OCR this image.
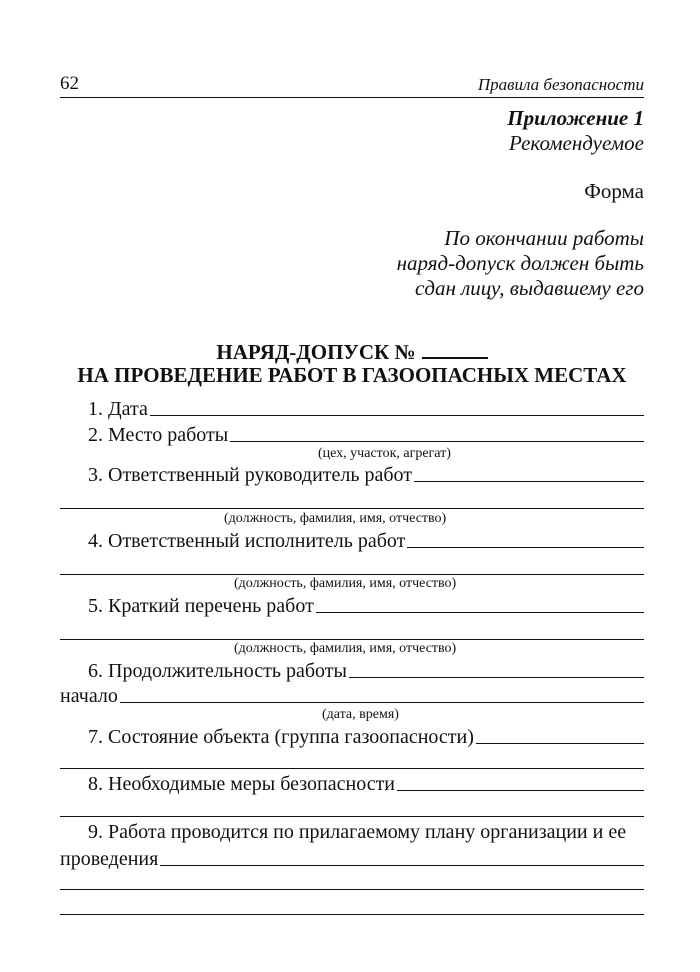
62	Правила безопасности
Приложение 1
Рекомендуемое
Форма
По окончании работы
наряд-допуск должен быть
сдан лицу, выдавшему его
НАРЯД-ДОПУСК №
НА ПРОВЕДЕНИЕ РАБОТ В ГАЗООПАСНЫХ МЕСТАХ
1. Дата
2. Место работы
(цех, участок, агрегат)
3. Ответственный руководитель работ
(должность, фамилия, имя, отчество)
4. Ответственный исполнитель работ
(должность, фамилия, имя, отчество)
5. Краткий перечень работ
(должность, фамилия, имя, отчество)
6. Продолжительность работы
начало
(дата, время)
7. Состояние объекта (группа газоопасности)
8. Необходимые меры безопасности
9. Работа проводится по прилагаемому плану организации и ее
проведения
